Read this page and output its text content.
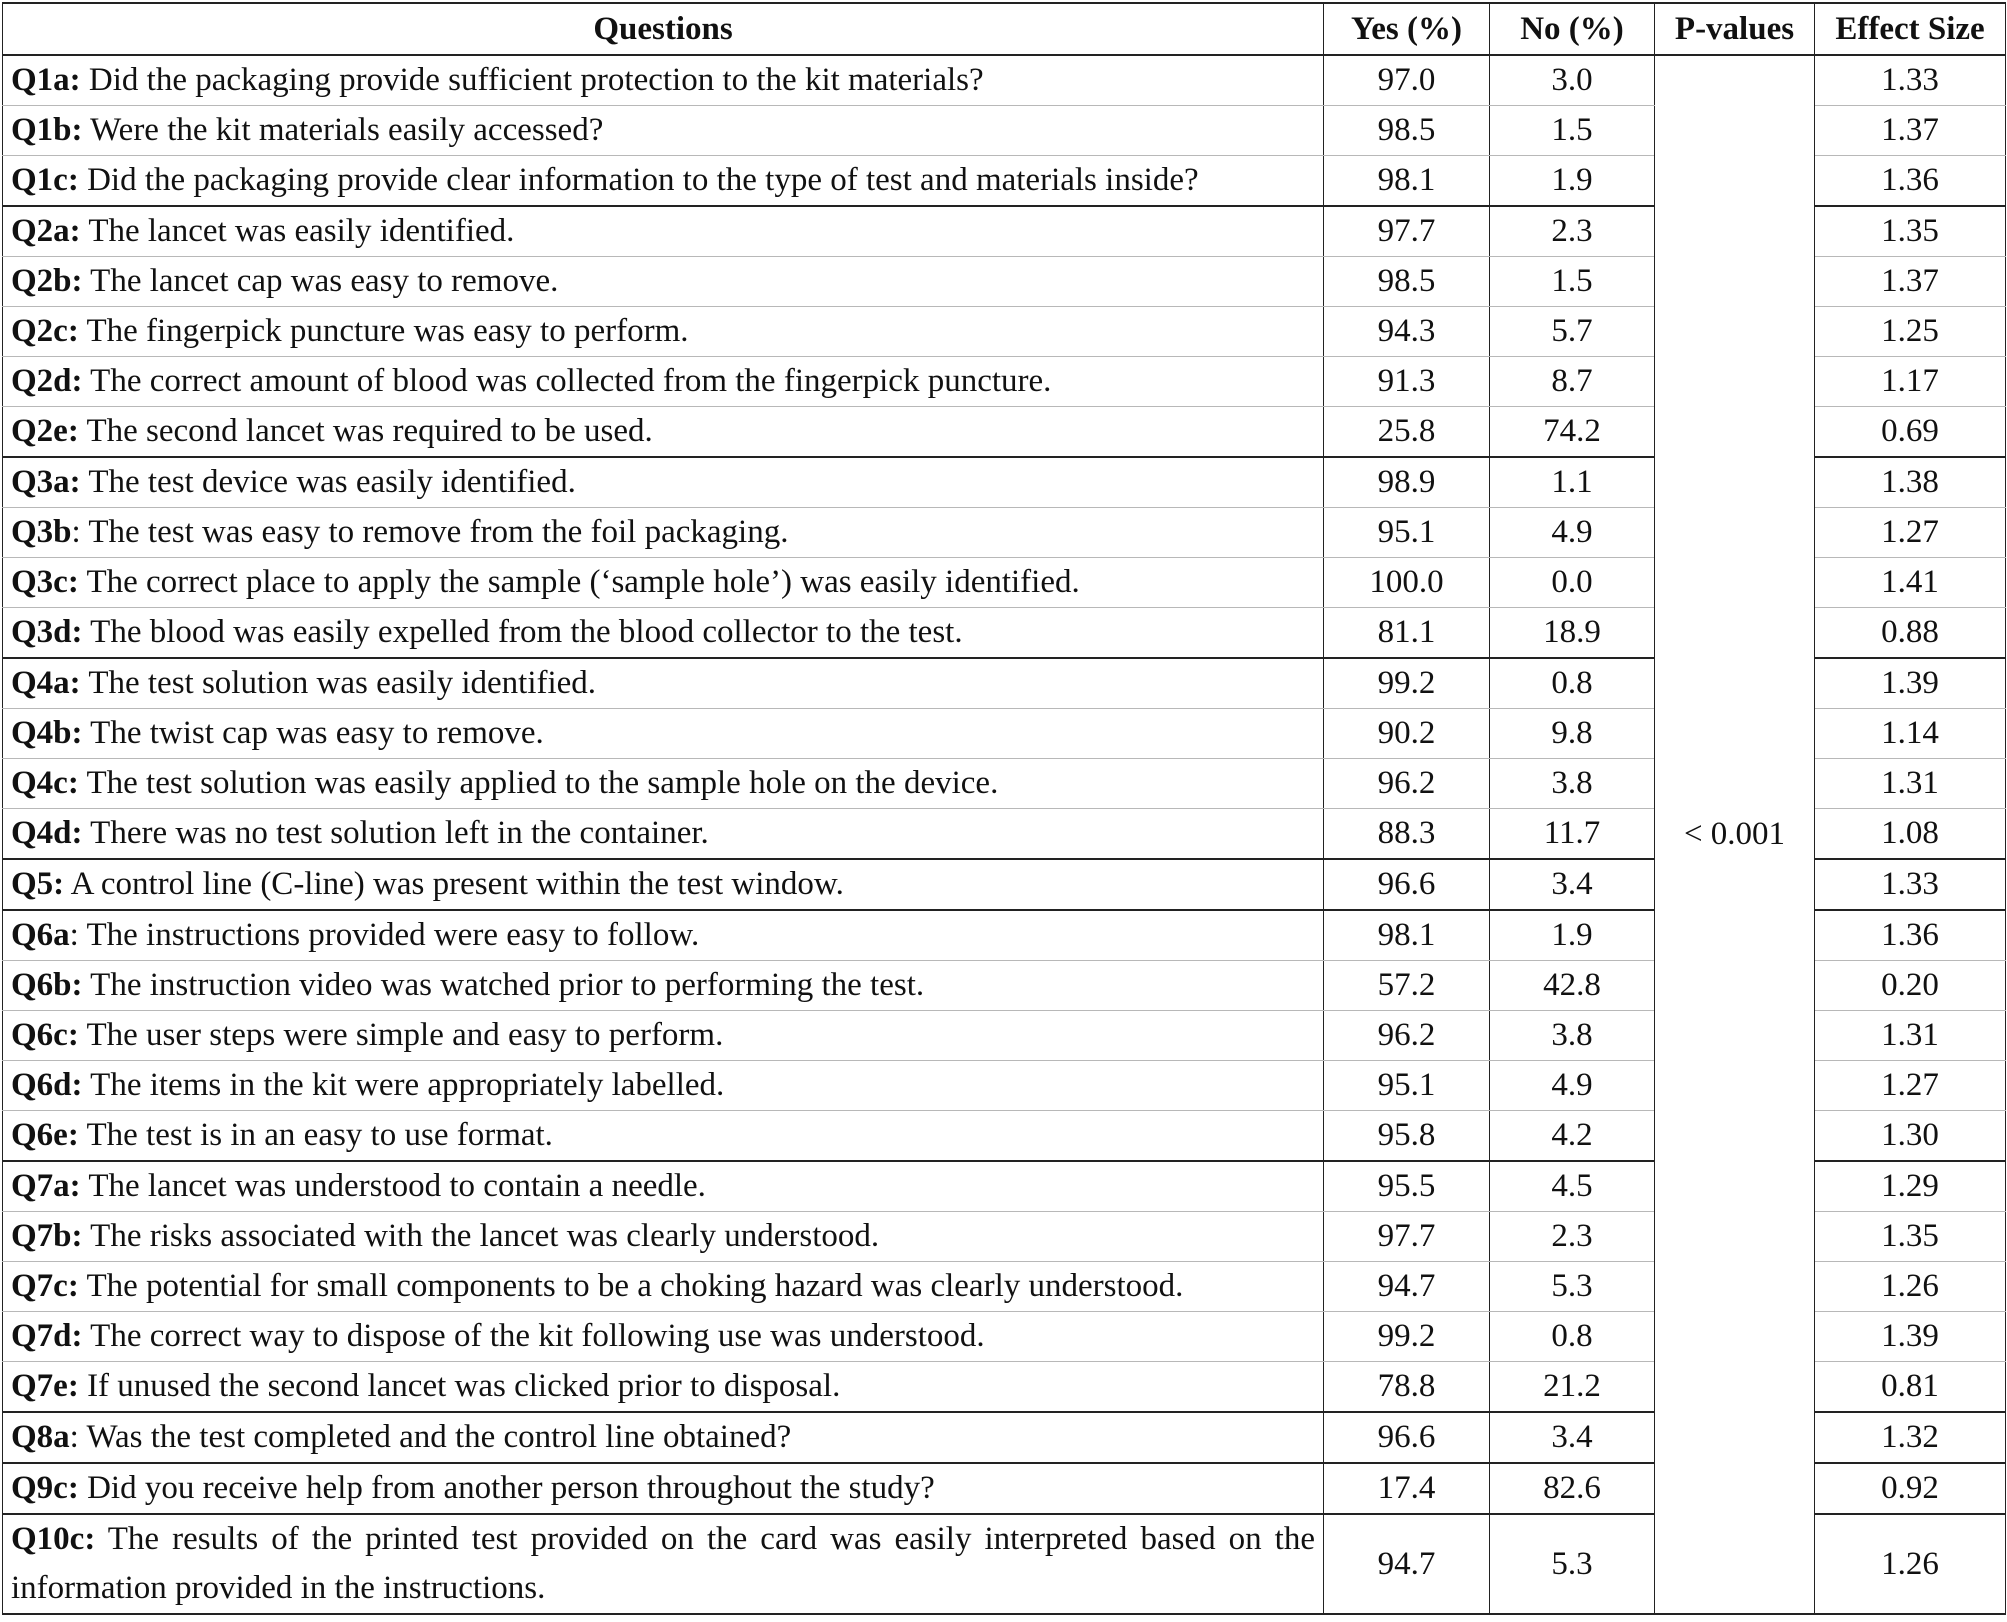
Questions	Yes (%)	No (%)	P-values	Effect Size
Q1a: Did the packaging provide sufficient protection to the kit materials?	97.0	3.0	< 0.001	1.33
Q1b: Were the kit materials easily accessed?	98.5	1.5		1.37
Q1c: Did the packaging provide clear information to the type of test and materials inside?	98.1	1.9		1.36
Q2a: The lancet was easily identified.	97.7	2.3		1.35
Q2b: The lancet cap was easy to remove.	98.5	1.5		1.37
Q2c: The fingerpick puncture was easy to perform.	94.3	5.7		1.25
Q2d: The correct amount of blood was collected from the fingerpick puncture.	91.3	8.7		1.17
Q2e: The second lancet was required to be used.	25.8	74.2		0.69
Q3a: The test device was easily identified.	98.9	1.1		1.38
Q3b: The test was easy to remove from the foil packaging.	95.1	4.9		1.27
Q3c: The correct place to apply the sample (‘sample hole’) was easily identified.	100.0	0.0		1.41
Q3d: The blood was easily expelled from the blood collector to the test.	81.1	18.9		0.88
Q4a: The test solution was easily identified.	99.2	0.8		1.39
Q4b: The twist cap was easy to remove.	90.2	9.8		1.14
Q4c: The test solution was easily applied to the sample hole on the device.	96.2	3.8		1.31
Q4d: There was no test solution left in the container.	88.3	11.7		1.08
Q5: A control line (C-line) was present within the test window.	96.6	3.4		1.33
Q6a: The instructions provided were easy to follow.	98.1	1.9		1.36
Q6b: The instruction video was watched prior to performing the test.	57.2	42.8		0.20
Q6c: The user steps were simple and easy to perform.	96.2	3.8		1.31
Q6d: The items in the kit were appropriately labelled.	95.1	4.9		1.27
Q6e: The test is in an easy to use format.	95.8	4.2		1.30
Q7a: The lancet was understood to contain a needle.	95.5	4.5		1.29
Q7b: The risks associated with the lancet was clearly understood.	97.7	2.3		1.35
Q7c: The potential for small components to be a choking hazard was clearly understood.	94.7	5.3		1.26
Q7d: The correct way to dispose of the kit following use was understood.	99.2	0.8		1.39
Q7e: If unused the second lancet was clicked prior to disposal.	78.8	21.2		0.81
Q8a: Was the test completed and the control line obtained?	96.6	3.4		1.32
Q9c: Did you receive help from another person throughout the study?	17.4	82.6		0.92
Q10c: The results of the printed test provided on the card was easily interpreted based on the information provided in the instructions.	94.7	5.3		1.26
